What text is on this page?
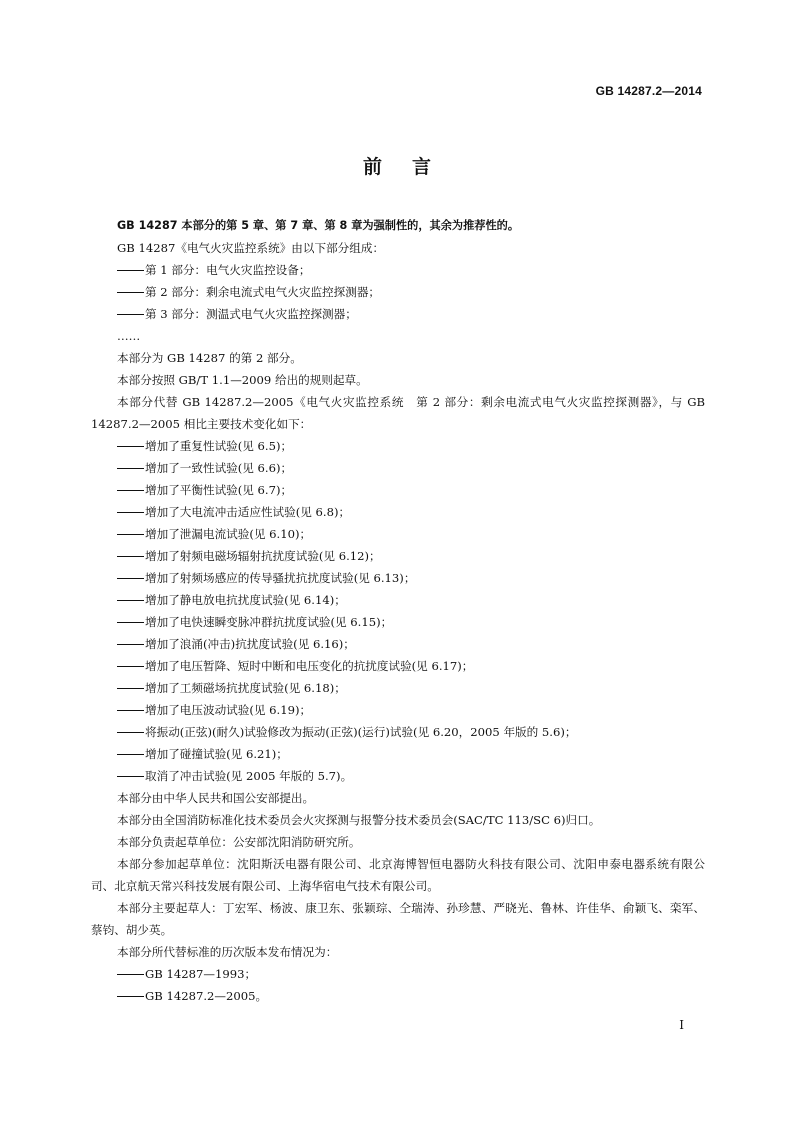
GB 14287.2—2014
前言

GB 14287 本部分的第 5 章、第 7 章、第 8 章为强制性的，其余为推荐性的。

GB 14287《电气火灾监控系统》由以下部分组成：

第 1 部分：电气火灾监控设备；

第 2 部分：剩余电流式电气火灾监控探测器；

第 3 部分：测温式电气火灾监控探测器；

……

本部分为 GB 14287 的第 2 部分。

本部分按照 GB/T 1.1—2009 给出的规则起草。

本部分代替 GB 14287.2—2005《电气火灾监控系统　第 2 部分：剩余电流式电气火灾监控探测器》，与 GB 14287.2—2005 相比主要技术变化如下：

增加了重复性试验(见 6.5)；

增加了一致性试验(见 6.6)；

增加了平衡性试验(见 6.7)；

增加了大电流冲击适应性试验(见 6.8)；

增加了泄漏电流试验(见 6.10)；

增加了射频电磁场辐射抗扰度试验(见 6.12)；

增加了射频场感应的传导骚扰抗扰度试验(见 6.13)；

增加了静电放电抗扰度试验(见 6.14)；

增加了电快速瞬变脉冲群抗扰度试验(见 6.15)；

增加了浪涌(冲击)抗扰度试验(见 6.16)；

增加了电压暂降、短时中断和电压变化的抗扰度试验(见 6.17)；

增加了工频磁场抗扰度试验(见 6.18)；

增加了电压波动试验(见 6.19)；

将振动(正弦)(耐久)试验修改为振动(正弦)(运行)试验(见 6.20，2005 年版的 5.6)；

增加了碰撞试验(见 6.21)；

取消了冲击试验(见 2005 年版的 5.7)。

本部分由中华人民共和国公安部提出。

本部分由全国消防标准化技术委员会火灾探测与报警分技术委员会(SAC/TC 113/SC 6)归口。

本部分负责起草单位：公安部沈阳消防研究所。

本部分参加起草单位：沈阳斯沃电器有限公司、北京海博智恒电器防火科技有限公司、沈阳申泰电器系统有限公司、北京航天常兴科技发展有限公司、上海华宿电气技术有限公司。

本部分主要起草人：丁宏军、杨波、康卫东、张颖琮、仝瑞涛、孙珍慧、严晓光、鲁林、许佳华、俞颖飞、栾军、蔡钧、胡少英。

本部分所代替标准的历次版本发布情况为：

GB 14287—1993；

GB 14287.2—2005。

I
